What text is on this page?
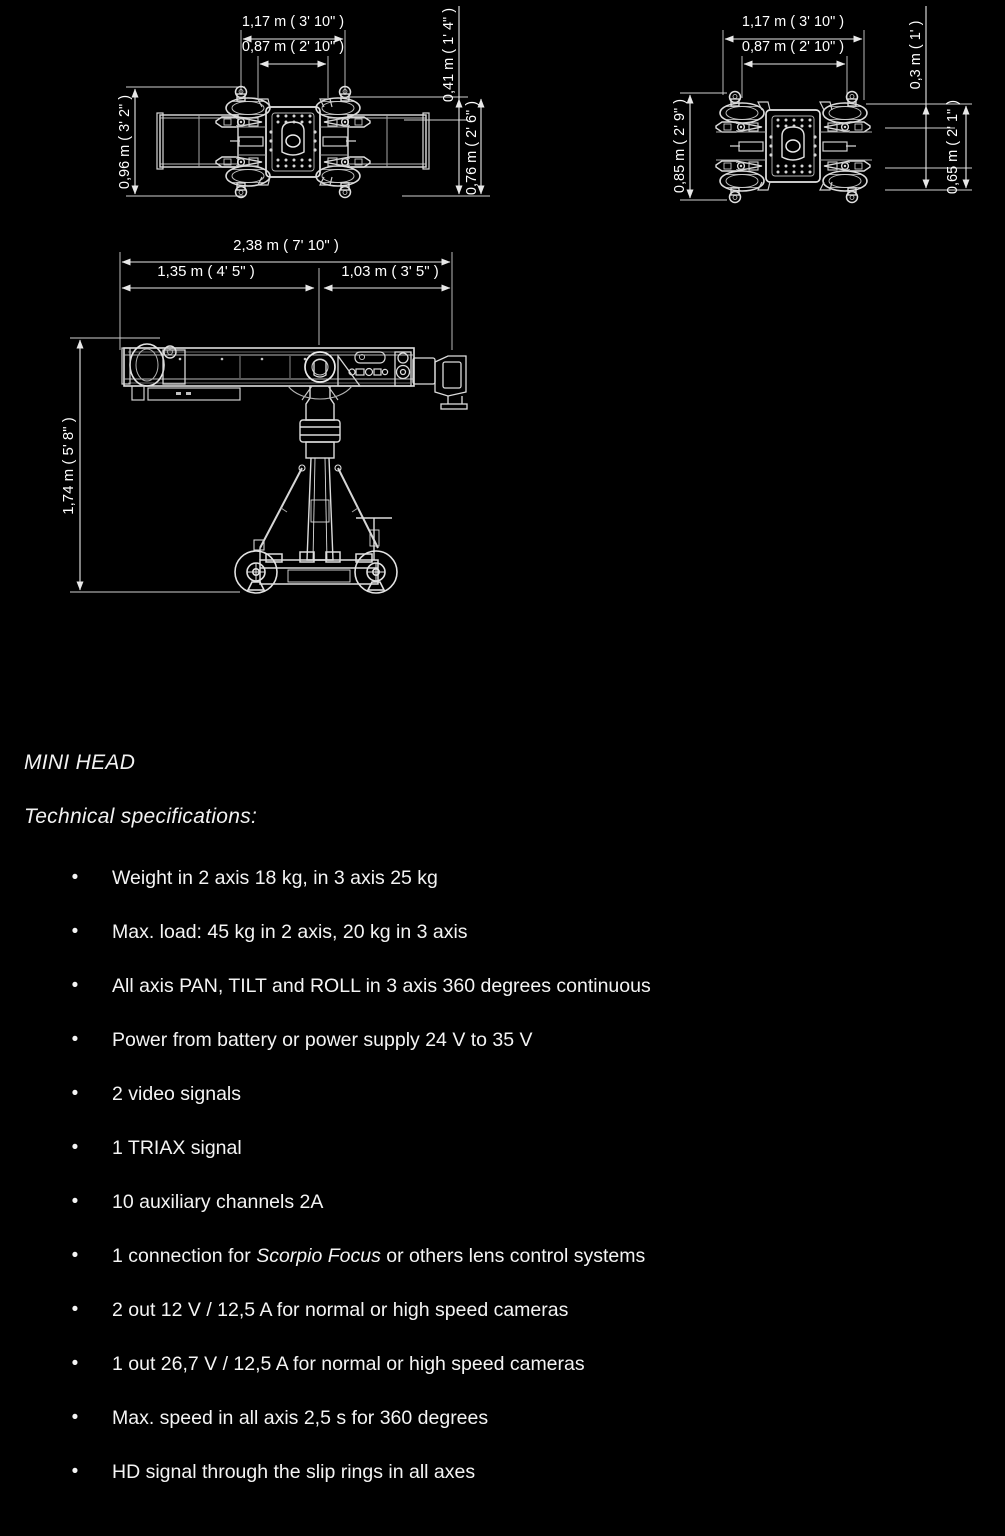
1,17 m ( 3' 10" )
0,87 m ( 2' 10" )
0,96 m ( 3' 2" )
0,41 m ( 1' 4" )
0,76 m ( 2' 6" )
1,17 m ( 3' 10" )
0,87 m ( 2' 10" )
0,85 m ( 2' 9" )
0,3 m ( 1' )
0,65 m ( 2' 1" )
2,38 m ( 7' 10" )
1,35 m ( 4' 5" )	1,03 m ( 3' 5" )
1,74 m ( 5' 8" )
MINI HEAD
Technical specifications:
• Weight in 2 axis 18 kg, in 3 axis 25 kg
• Max. load: 45 kg in 2 axis, 20 kg in 3 axis
• All axis PAN, TILT and ROLL in 3 axis 360 degrees continuous
• Power from battery or power supply 24 V to 35 V
• 2 video signals
• 1 TRIAX signal
• 10 auxiliary channels 2A
• 1 connection for Scorpio Focus or others lens control systems
• 2 out 12 V / 12,5 A for normal or high speed cameras
• 1 out 26,7 V / 12,5 A for normal or high speed cameras
• Max. speed in all axis 2,5 s for 360 degrees
• HD signal through the slip rings in all axes
